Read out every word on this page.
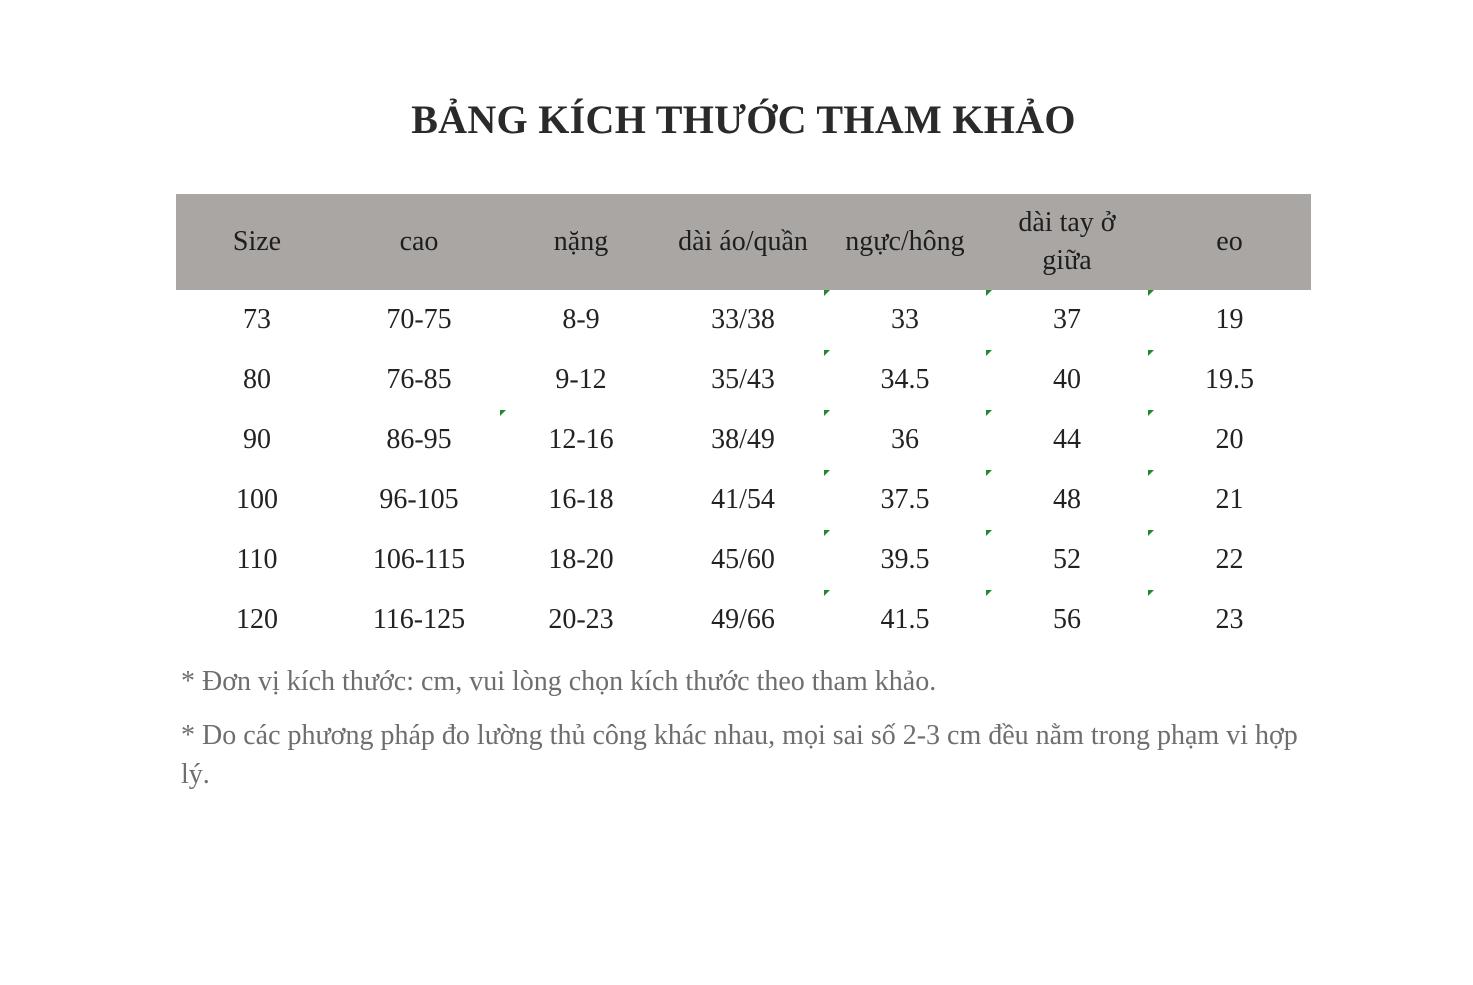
BẢNG KÍCH THƯỚC THAM KHẢO
Size	cao	nặng	dài áo/quần	ngực/hông	dài tay ở giữa	eo
73	70-75	8-9	33/38	33	37	19
80	76-85	9-12	35/43	34.5	40	19.5
90	86-95	12-16	38/49	36	44	20
100	96-105	16-18	41/54	37.5	48	21
110	106-115	18-20	45/60	39.5	52	22
120	116-125	20-23	49/66	41.5	56	23
* Đơn vị kích thước: cm, vui lòng chọn kích thước theo tham khảo.
* Do các phương pháp đo lường thủ công khác nhau, mọi sai số 2-3 cm đều nằm trong phạm vi hợp lý.
